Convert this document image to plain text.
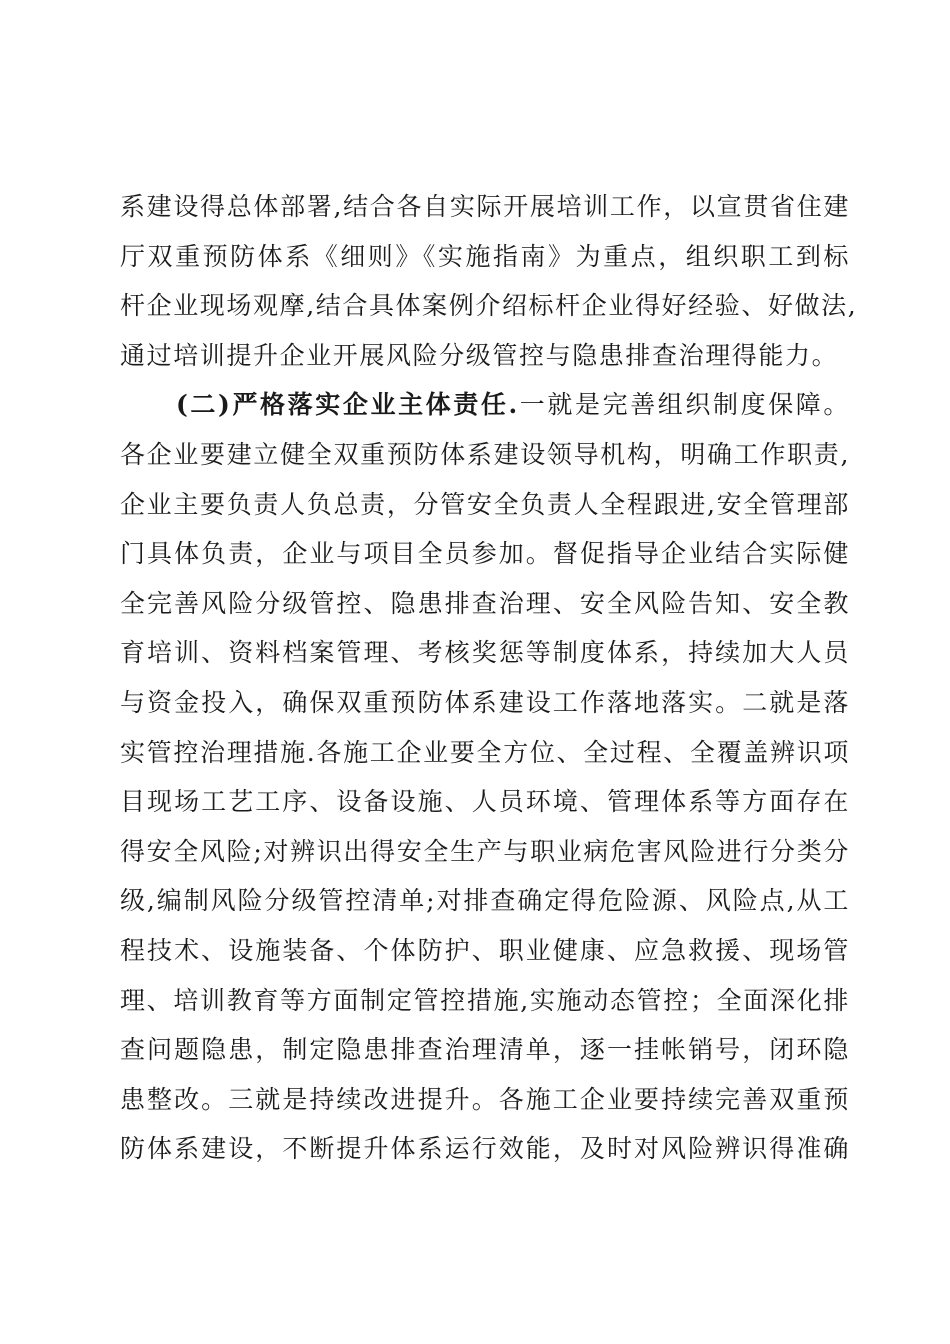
系建设得总体部署,结合各自实际开展培训工作，以宣贯省住建
厅双重预防体系《细则》《实施指南》为重点，组织职工到标
杆企业现场观摩,结合具体案例介绍标杆企业得好经验、好做法,
通过培训提升企业开展风险分级管控与隐患排查治理得能力。
(二)严格落实企业主体责任.一就是完善组织制度保障。
各企业要建立健全双重预防体系建设领导机构，明确工作职责,
企业主要负责人负总责，分管安全负责人全程跟进,安全管理部
门具体负责，企业与项目全员参加。督促指导企业结合实际健
全完善风险分级管控、隐患排查治理、安全风险告知、安全教
育培训、资料档案管理、考核奖惩等制度体系，持续加大人员
与资金投入，确保双重预防体系建设工作落地落实。二就是落
实管控治理措施.各施工企业要全方位、全过程、全覆盖辨识项
目现场工艺工序、设备设施、人员环境、管理体系等方面存在
得安全风险;对辨识出得安全生产与职业病危害风险进行分类分
级,编制风险分级管控清单;对排查确定得危险源、风险点,从工
程技术、设施装备、个体防护、职业健康、应急救援、现场管
理、培训教育等方面制定管控措施,实施动态管控；全面深化排
查问题隐患，制定隐患排查治理清单，逐一挂帐销号，闭环隐
患整改。三就是持续改进提升。各施工企业要持续完善双重预
防体系建设，不断提升体系运行效能，及时对风险辨识得准确
